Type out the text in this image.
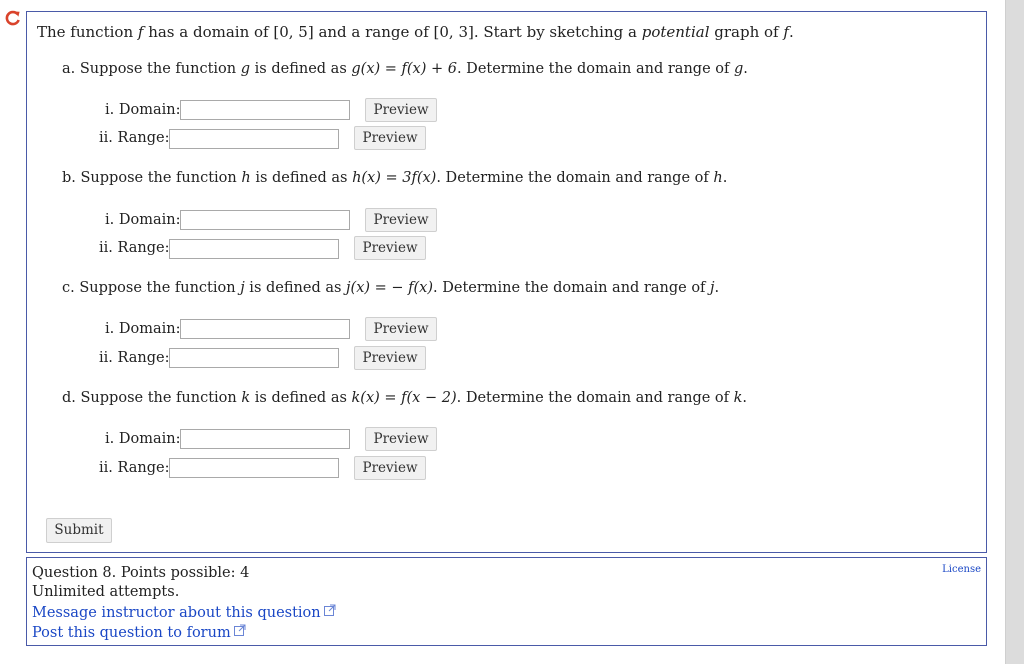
The function f has a domain of [0, 5] and a range of [0, 3]. Start by sketching a potential graph of f.
a. Suppose the function g is defined as g(x) = f(x) + 6. Determine the domain and range of g.
i. Domain:	Preview
ii. Range:	Preview
b. Suppose the function h is defined as h(x) = 3f(x). Determine the domain and range of h.
i. Domain:	Preview
ii. Range:	Preview
c. Suppose the function j is defined as j(x) = − f(x). Determine the domain and range of j.
i. Domain:	Preview
ii. Range:	Preview
d. Suppose the function k is defined as k(x) = f(x − 2). Determine the domain and range of k.
i. Domain:	Preview
ii. Range:	Preview
Submit
Question 8. Points possible: 4
Unlimited attempts.
Message instructor about this question
Post this question to forum
License
